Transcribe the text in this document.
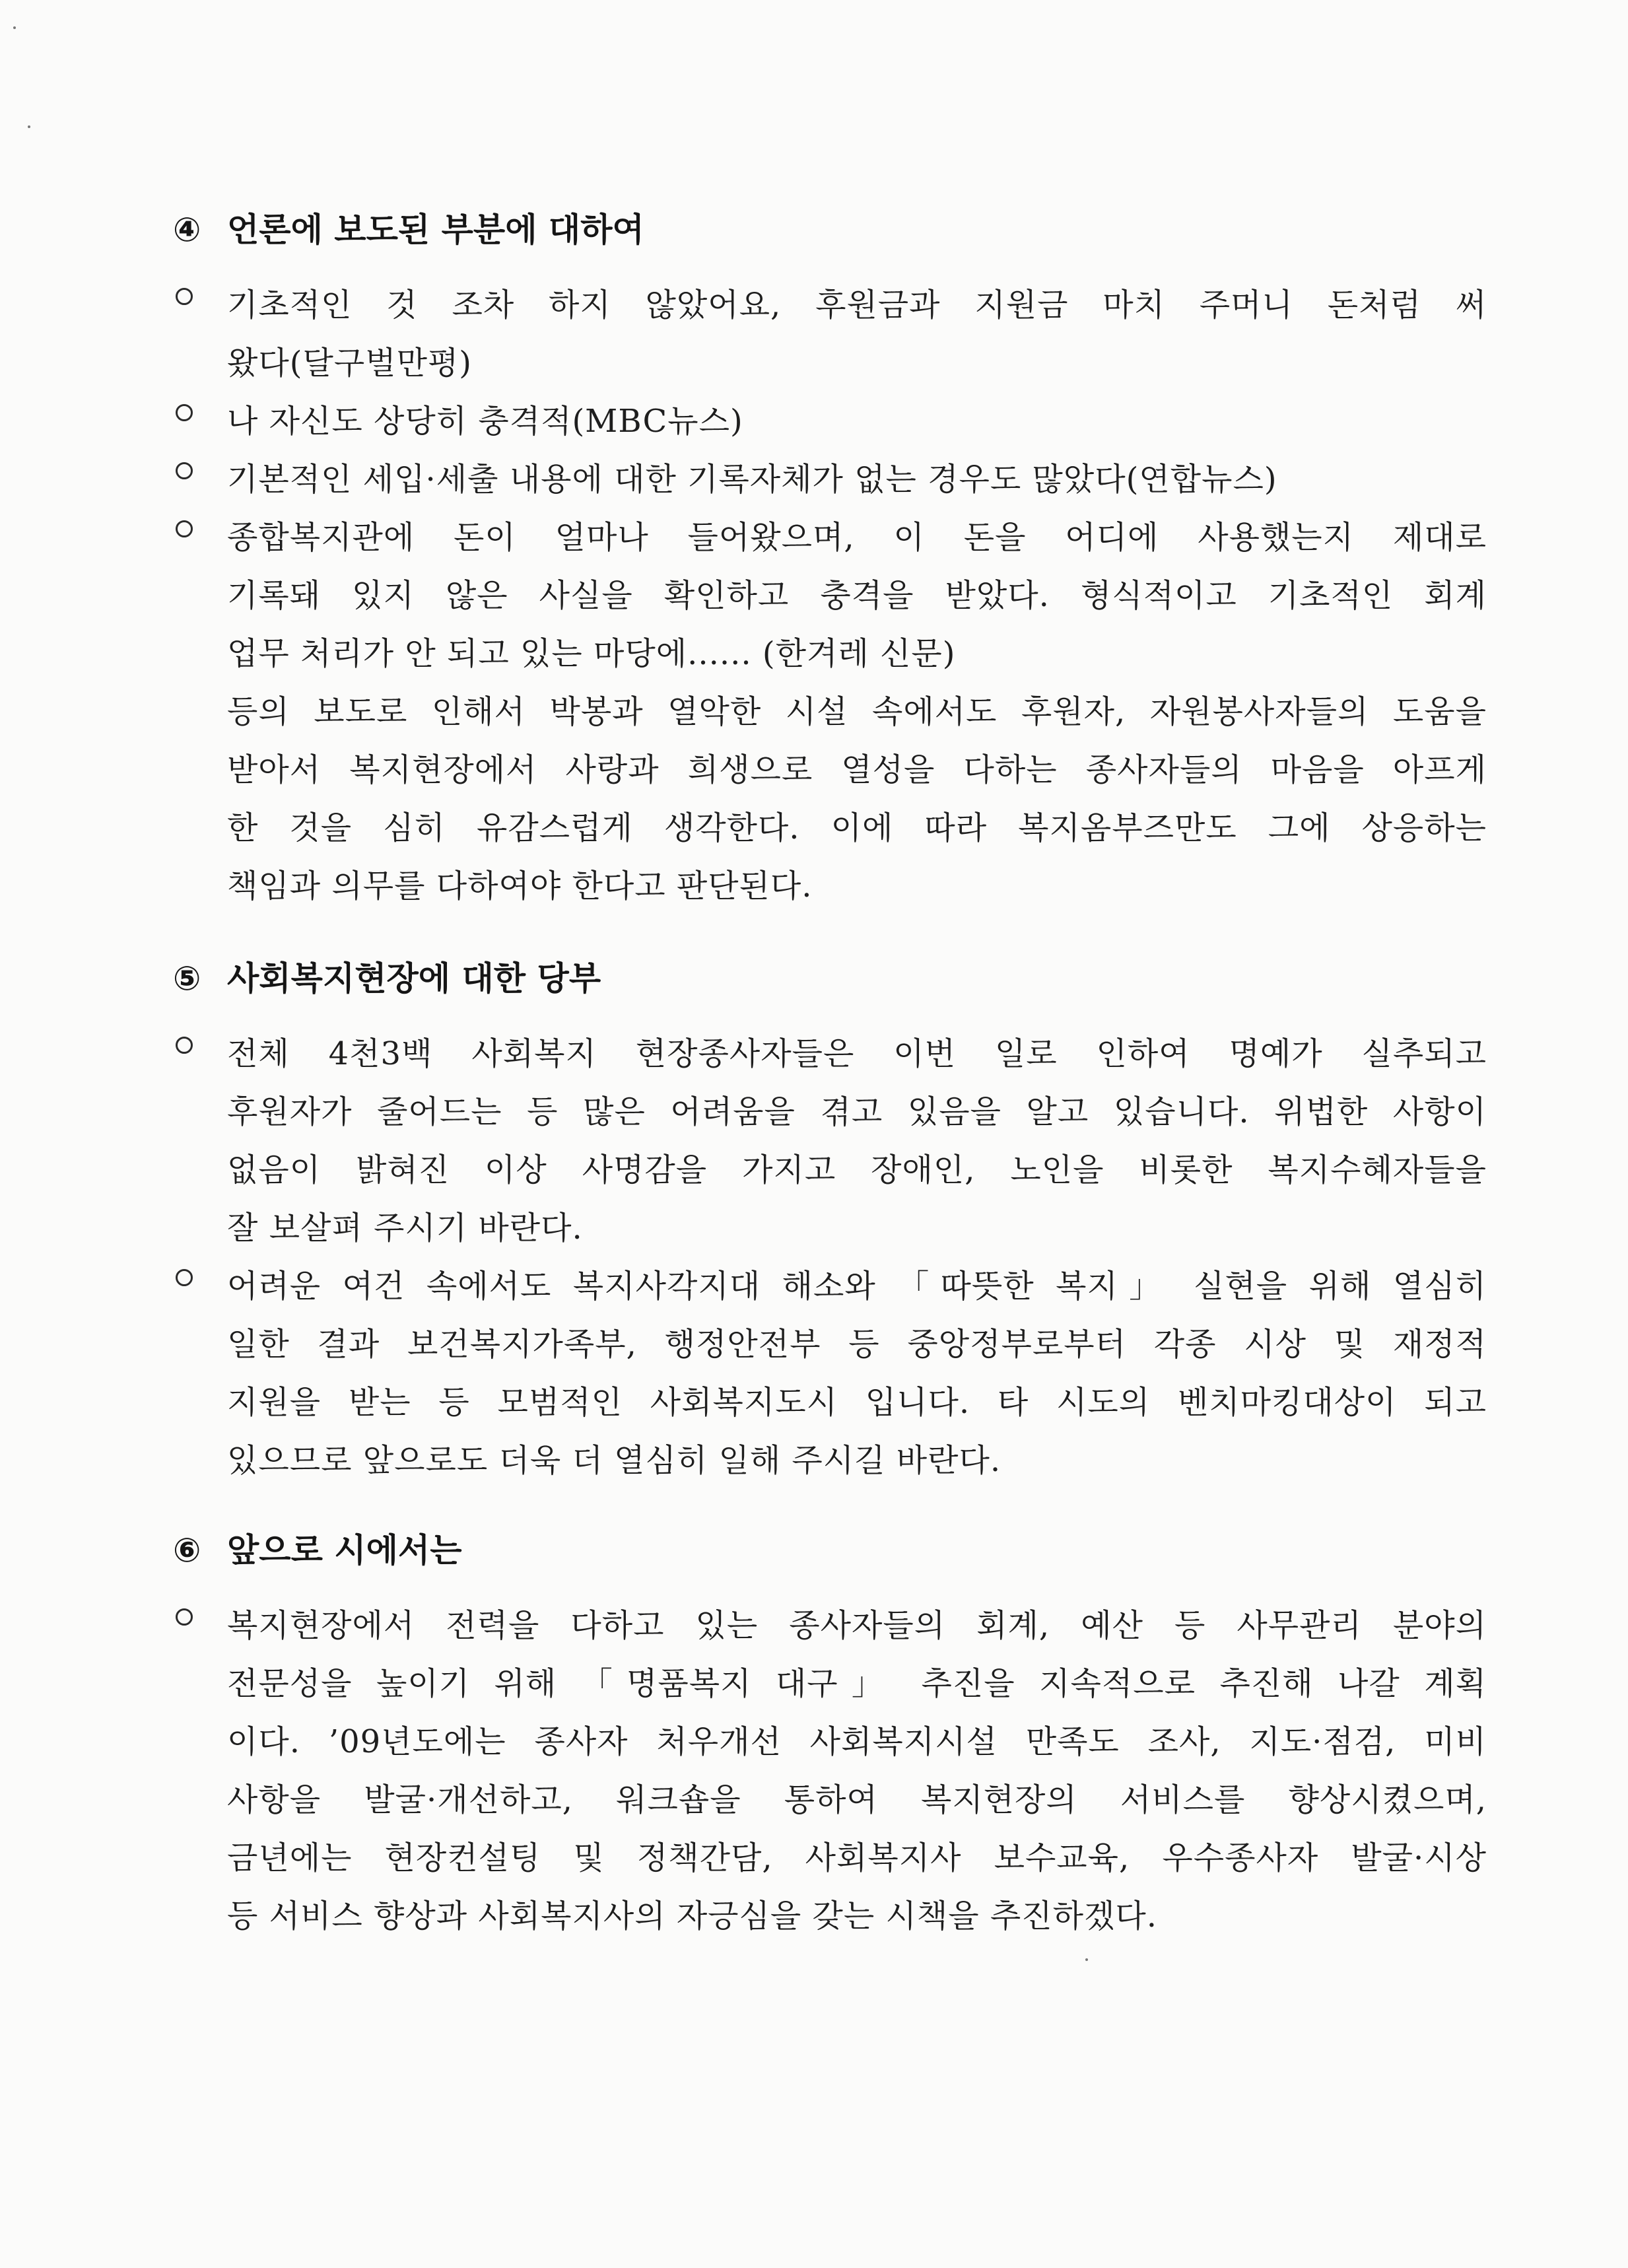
④ 언론에 보도된 부분에 대하여
기초적인 것 조차 하지 않았어요, 후원금과 지원금 마치 주머니 돈처럼 써
왔다(달구벌만평)
나 자신도 상당히 충격적(MBC뉴스)
기본적인 세입·세출 내용에 대한 기록자체가 없는 경우도 많았다(연합뉴스)
종합복지관에 돈이 얼마나 들어왔으며, 이 돈을 어디에 사용했는지 제대로
기록돼 있지 않은 사실을 확인하고 충격을 받았다. 형식적이고 기초적인 회계
업무 처리가 안 되고 있는 마당에...... (한겨레 신문)
등의 보도로 인해서 박봉과 열악한 시설 속에서도 후원자, 자원봉사자들의 도움을
받아서 복지현장에서 사랑과 희생으로 열성을 다하는 종사자들의 마음을 아프게
한 것을 심히 유감스럽게 생각한다. 이에 따라 복지옴부즈만도 그에 상응하는
책임과 의무를 다하여야 한다고 판단된다.
⑤ 사회복지현장에 대한 당부
전체 4천3백 사회복지 현장종사자들은 이번 일로 인하여 명예가 실추되고
후원자가 줄어드는 등 많은 어려움을 겪고 있음을 알고 있습니다. 위법한 사항이
없음이 밝혀진 이상 사명감을 가지고 장애인, 노인을 비롯한 복지수혜자들을
잘 보살펴 주시기 바란다.
어려운 여건 속에서도 복지사각지대 해소와 「따뜻한 복지」 실현을 위해 열심히
일한 결과 보건복지가족부, 행정안전부 등 중앙정부로부터 각종 시상 및 재정적
지원을 받는 등 모범적인 사회복지도시 입니다. 타 시도의 벤치마킹대상이 되고
있으므로 앞으로도 더욱 더 열심히 일해 주시길 바란다.
⑥ 앞으로 시에서는
복지현장에서 전력을 다하고 있는 종사자들의 회계, 예산 등 사무관리 분야의
전문성을 높이기 위해 「명품복지 대구」 추진을 지속적으로 추진해 나갈 계획
이다. ’09년도에는 종사자 처우개선 사회복지시설 만족도 조사, 지도·점검, 미비
사항을 발굴·개선하고, 워크숍을 통하여 복지현장의 서비스를 향상시켰으며,
금년에는 현장컨설팅 및 정책간담, 사회복지사 보수교육, 우수종사자 발굴·시상
등 서비스 향상과 사회복지사의 자긍심을 갖는 시책을 추진하겠다.
